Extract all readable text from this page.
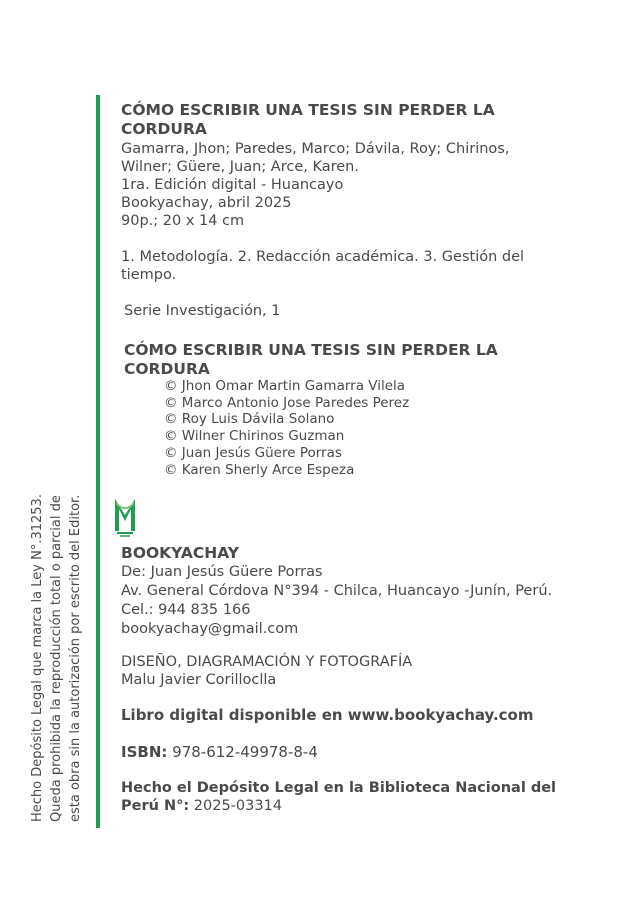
Hecho Depósito Legal que marca la Ley N°.31253. Queda prohibida la reproducción total o parcial de esta obra sin la autorización por escrito del Editor.
CÓMO ESCRIBIR UNA TESIS SIN PERDER LA
CORDURA
Gamarra, Jhon; Paredes, Marco; Dávila, Roy; Chirinos,
Wilner; Güere, Juan; Arce, Karen.
1ra. Edición digital - Huancayo
Bookyachay, abril 2025
90p.; 20 x 14 cm
1. Metodología. 2. Redacción académica. 3. Gestión del
tiempo.
Serie Investigación, 1
CÓMO ESCRIBIR UNA TESIS SIN PERDER LA
CORDURA
© Jhon Omar Martin Gamarra Vilela
© Marco Antonio Jose Paredes Perez
© Roy Luis Dávila Solano
© Wilner Chirinos Guzman
© Juan Jesús Güere Porras
© Karen Sherly Arce Espeza
BOOKYACHAY
De: Juan Jesús Güere Porras
Av. General Córdova N°394 - Chilca, Huancayo -Junín, Perú.
Cel.: 944 835 166
bookyachay@gmail.com
DISEÑO, DIAGRAMACIÓN Y FOTOGRAFÍA
Malu Javier Corilloclla
Libro digital disponible en www.bookyachay.com
ISBN: 978-612-49978-8-4
Hecho el Depósito Legal en la Biblioteca Nacional del
Perú N°: 2025-03314
